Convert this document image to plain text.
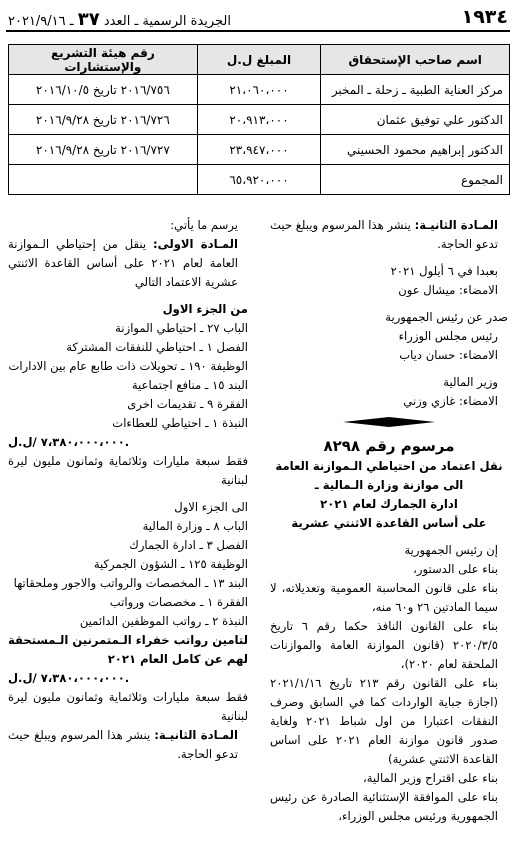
١٩٣٤
الجريدة الرسمية ـ العدد ٣٧ ـ ٢٠٢١/٩/١٦
اسم صاحب الإستحقاق	المبلغ ل.ل	رقم هيئة التشريع والإستشارات
مركز العناية الطبية ـ زحلة ـ المخبر	٢١،٠٦٠،٠٠٠	٢٠١٦/٧٥٦ تاريخ ٢٠١٦/١٠/٥
الدكتور علي توفيق عثمان	٢٠،٩١٣،٠٠٠	٢٠١٦/٧٢٦ تاريخ ٢٠١٦/٩/٢٨
الدكتور إبراهيم محمود الحسيني	٢٣،٩٤٧،٠٠٠	٢٠١٦/٧٢٧ تاريخ ٢٠١٦/٩/٢٨
المجموع	٦٥،٩٢٠،٠٠٠	

المـادة الثانيـة: ينشر هذا المرسوم ويبلغ حيث تدعو الحاجة.

بعبدا في ٦ أيلول ٢٠٢١

الامضاء: ميشال عون

صدر عن رئيس الجمهورية

رئيس مجلس الوزراء

الامضاء: حسان دياب

وزير المالية

الامضاء: غازي وزني

مرسوم رقم ٨٢٩٨

نقل اعتماد من احتياطي الـموازنة العامة

الى موازنة وزارة الـمالية ـ

ادارة الجمارك لعام ٢٠٢١

على أساس القاعدة الاثنتي عشرية

إن رئيس الجمهورية

بناء على الدستور،

بناء على قانون المحاسبة العمومية وتعديلاته، لا سيما المادتين ٢٦ و٦٠ منه،

بناء على القانون النافذ حكما رقم ٦ تاريخ ٢٠٢٠/٣/٥ (قانون الموازنة العامة والموازنات الملحقة لعام ٢٠٢٠)،

بناء على القانون رقم ٢١٣ تاريخ ٢٠٢١/١/١٦ (اجازة جباية الواردات كما في السابق وصرف النفقات اعتبارا من اول شباط ٢٠٢١ ولغاية صدور قانون موازنة العام ٢٠٢١ على اساس القاعدة الاثنتي عشرية)

بناء على اقتراح وزير المالية،

بناء على الموافقة الإستثنائية الصادرة عن رئيس الجمهورية ورئيس مجلس الوزراء،

يرسم ما يأتي:

المـادة الاولى: ينقل من إحتياطي الـموازنة العامة لعام ٢٠٢١ على أساس القاعدة الاثنتي عشرية الاعتماد التالي

من الجزء الاول

الباب ٢٧ ـ احتياطي الموازنة

الفصل ١ ـ احتياطي للنفقات المشتركة

الوظيفة ١٩٠ ـ تحويلات ذات طابع عام بين الادارات

البند ١٥ ـ منافع اجتماعية

الفقرة ٩ ـ تقديمات اخرى

النبذة ١ ـ احتياطي للعطاءات

٧،٣٨٠،٠٠٠،٠٠٠ /ل.ل.

فقط سبعة مليارات وثلاثماية وثمانون مليون ليرة لبنانية

الى الجزء الاول

الباب ٨ ـ وزارة المالية

الفصل ٣ ـ ادارة الجمارك

الوظيفة ١٢٥ ـ الشؤون الجمركية

البند ١٣ ـ المخصصات والرواتب والاجور وملحقاتها

الفقرة ١ ـ مخصصات ورواتب

النبذة ٢ ـ رواتب الموظفين الدائمين

لتامين رواتب خفراء الـمتمرنين الـمستحقة لهم عن كامل العام ٢٠٢١

٧،٣٨٠،٠٠٠،٠٠٠ /ل.ل.

فقط سبعة مليارات وثلاثماية وثمانون مليون ليرة لبنانية

المـادة الثانيـة: ينشر هذا المرسوم ويبلغ حيث تدعو الحاجة.
